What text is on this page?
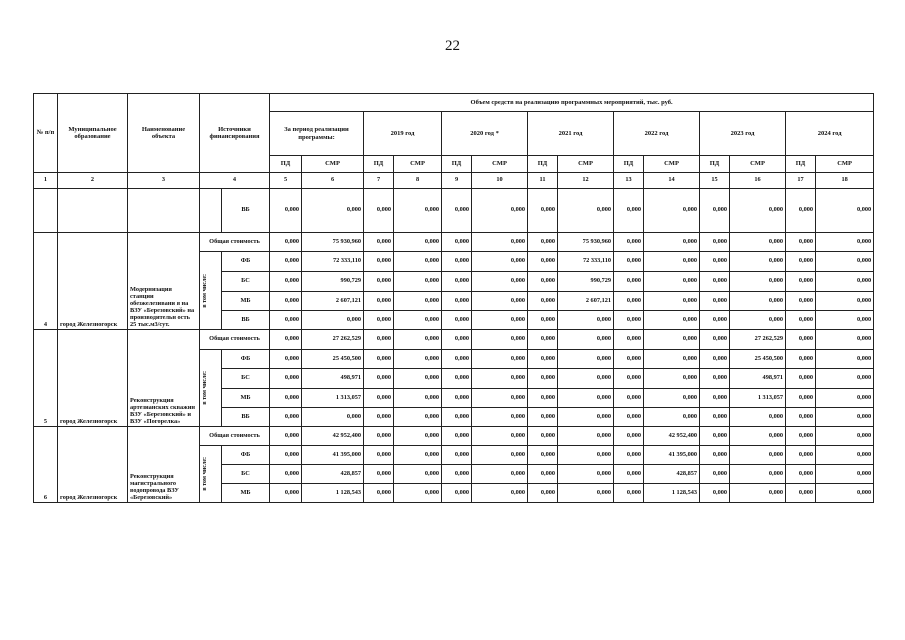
22
№ п/п	Муниципальное образование	Наименование объекта	Источники финансирования		Объем средств на реализацию программных мероприятий, тыс. руб.													
					За период реализации программы:		2019 год		2020 год *		2021 год		2022 год		2023 год		2024 год	
					ПД	СМР	ПД	СМР	ПД	СМР	ПД	СМР	ПД	СМР	ПД	СМР	ПД	СМР
1	2	3	4		5	6	7	8	9	10	11	12	13	14	15	16	17	18
				ВБ	0,000	0,000	0,000	0,000	0,000	0,000	0,000	0,000	0,000	0,000	0,000	0,000	0,000	0,000
4	город Железногорск	Модернизация станции обезжелезивани я на ВЗУ «Березовский» на производительн ость 25 тыс.м3/сут.	Общая стоимость		0,000	75 930,960	0,000	0,000	0,000	0,000	0,000	75 930,960	0,000	0,000	0,000	0,000	0,000	0,000

			в том числе:	ФБ	0,000	72 333,110	0,000	0,000	0,000	0,000	0,000	72 333,110	0,000	0,000	0,000	0,000	0,000	0,000
				БС	0,000	990,729	0,000	0,000	0,000	0,000	0,000	990,729	0,000	0,000	0,000	0,000	0,000	0,000
				МБ	0,000	2 607,121	0,000	0,000	0,000	0,000	0,000	2 607,121	0,000	0,000	0,000	0,000	0,000	0,000
				ВБ	0,000	0,000	0,000	0,000	0,000	0,000	0,000	0,000	0,000	0,000	0,000	0,000	0,000	0,000
5	город Железногорск	Реконструкция артезианских скважин ВЗУ «Березовский» и ВЗУ «Погорелка»	Общая стоимость		0,000	27 262,529	0,000	0,000	0,000	0,000	0,000	0,000	0,000	0,000	0,000	27 262,529	0,000	0,000

			в том числе:	ФБ	0,000	25 450,500	0,000	0,000	0,000	0,000	0,000	0,000	0,000	0,000	0,000	25 450,500	0,000	0,000
				БС	0,000	498,971	0,000	0,000	0,000	0,000	0,000	0,000	0,000	0,000	0,000	498,971	0,000	0,000
				МБ	0,000	1 313,057	0,000	0,000	0,000	0,000	0,000	0,000	0,000	0,000	0,000	1 313,057	0,000	0,000
				ВБ	0,000	0,000	0,000	0,000	0,000	0,000	0,000	0,000	0,000	0,000	0,000	0,000	0,000	0,000
6	город Железногорск	Реконструкция магистрального водопровода ВЗУ «Березовский»	Общая стоимость		0,000	42 952,400	0,000	0,000	0,000	0,000	0,000	0,000	0,000	42 952,400	0,000	0,000	0,000	0,000

			в том числе:	ФБ	0,000	41 395,000	0,000	0,000	0,000	0,000	0,000	0,000	0,000	41 395,000	0,000	0,000	0,000	0,000
				БС	0,000	428,857	0,000	0,000	0,000	0,000	0,000	0,000	0,000	428,857	0,000	0,000	0,000	0,000
				МБ	0,000	1 128,543	0,000	0,000	0,000	0,000	0,000	0,000	0,000	1 128,543	0,000	0,000	0,000	0,000
